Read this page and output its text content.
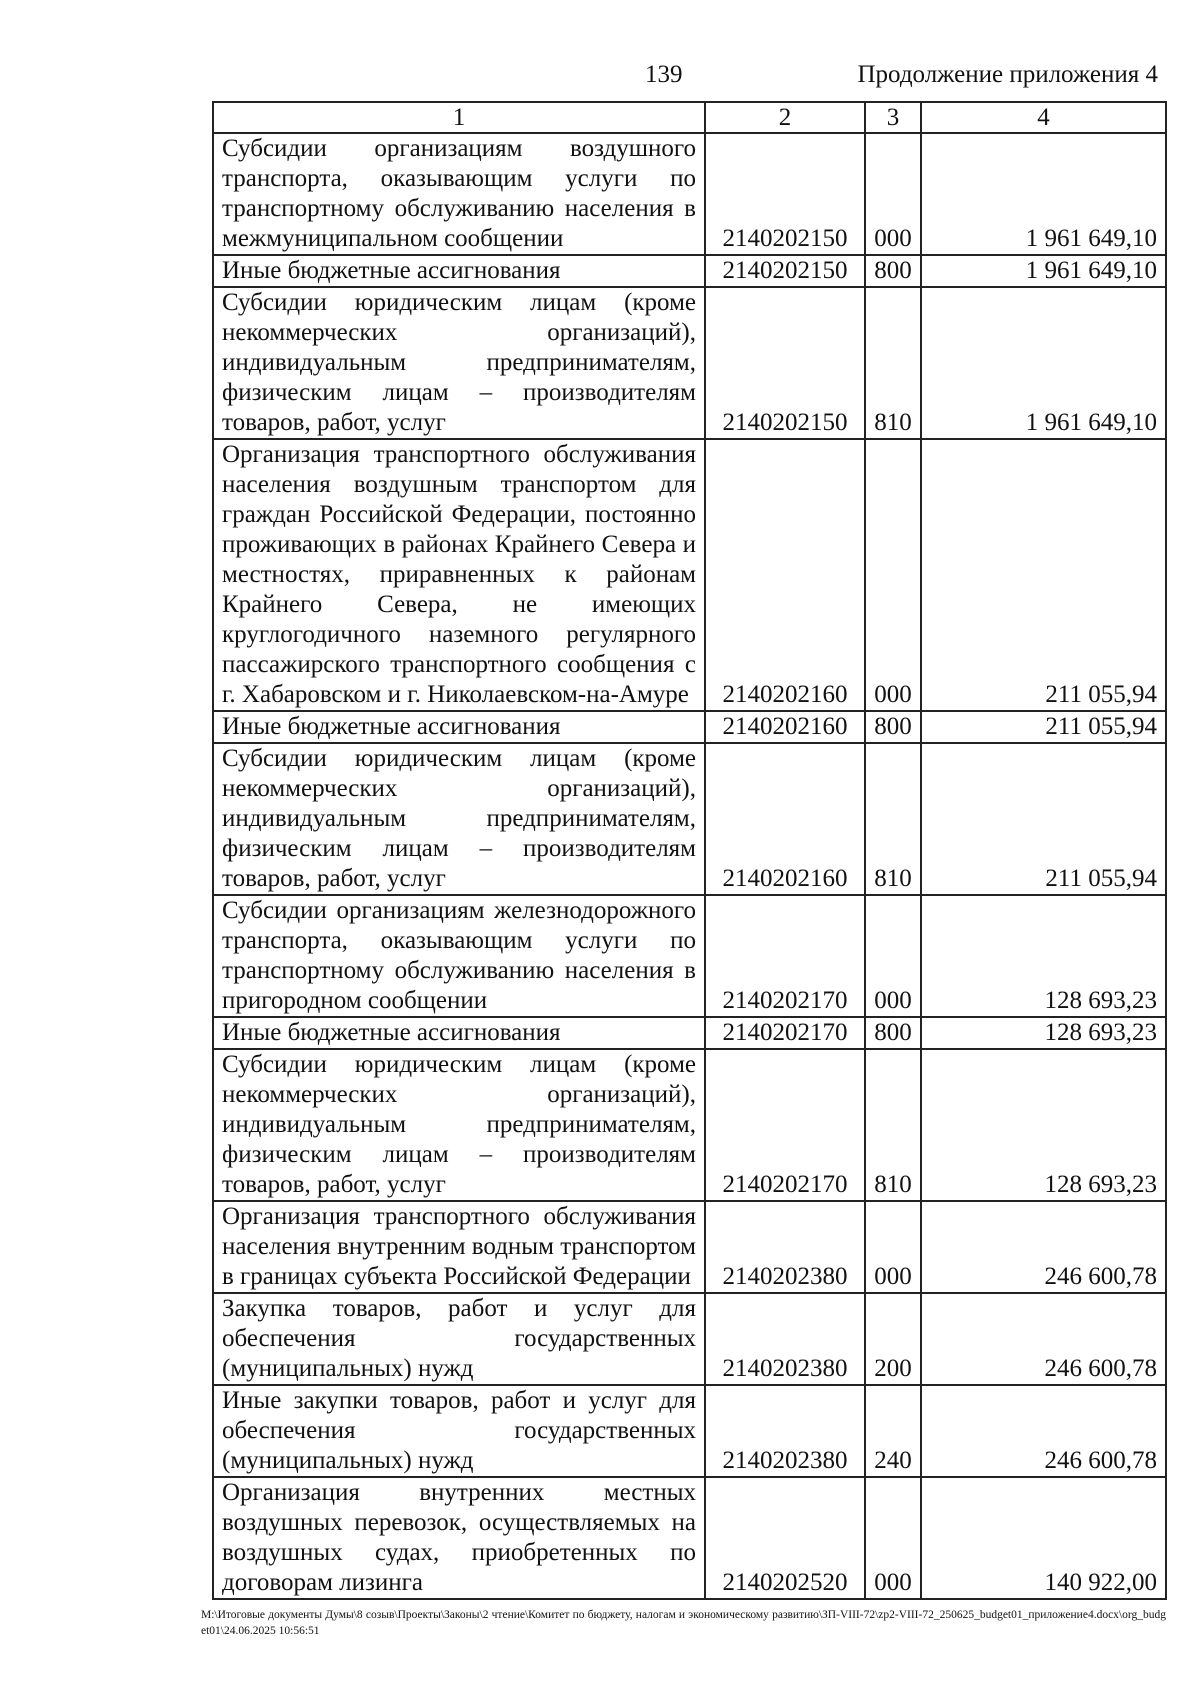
139	Продолжение приложения 4
1	2	3	4
Субсидии организациям воздушного транспорта, оказывающим услуги по транспортному обслуживанию населения в межмуниципальном сообщении	2140202150	000	1 961 649,10
Иные бюджетные ассигнования	2140202150	800	1 961 649,10
Субсидии юридическим лицам (кроме некоммерческих организаций), индивидуальным предпринимателям, физическим лицам – производителям товаров, работ, услуг	2140202150	810	1 961 649,10
Организация транспортного обслуживания населения воздушным транспортом для граждан Российской Федерации, постоянно проживающих в районах Крайнего Севера и местностях, приравненных к районам Крайнего Севера, не имеющих круглогодичного наземного регулярного пассажирского транспортного сообщения с г. Хабаровском и г. Николаевском-на-Амуре	2140202160	000	211 055,94
Иные бюджетные ассигнования	2140202160	800	211 055,94
Субсидии юридическим лицам (кроме некоммерческих организаций), индивидуальным предпринимателям, физическим лицам – производителям товаров, работ, услуг	2140202160	810	211 055,94
Субсидии организациям железнодорожного транспорта, оказывающим услуги по транспортному обслуживанию населения в пригородном сообщении	2140202170	000	128 693,23
Иные бюджетные ассигнования	2140202170	800	128 693,23
Субсидии юридическим лицам (кроме некоммерческих организаций), индивидуальным предпринимателям, физическим лицам – производителям товаров, работ, услуг	2140202170	810	128 693,23
Организация транспортного обслуживания населения внутренним водным транспортом в границах субъекта Российской Федерации	2140202380	000	246 600,78
Закупка товаров, работ и услуг для обеспечения государственных (муниципальных) нужд	2140202380	200	246 600,78
Иные закупки товаров, работ и услуг для обеспечения государственных (муниципальных) нужд	2140202380	240	246 600,78
Организация внутренних местных воздушных перевозок, осуществляемых на воздушных судах, приобретенных по договорам лизинга	2140202520	000	140 922,00
M:\Итоговые документы Думы\8 созыв\Проекты\Законы\2 чтение\Комитет по бюджету, налогам и экономическому развитию\ЗП-VIII-72\zp2-VIII-72_250625_budget01_приложение4.docx\org_budget01\24.06.2025 10:56:51
